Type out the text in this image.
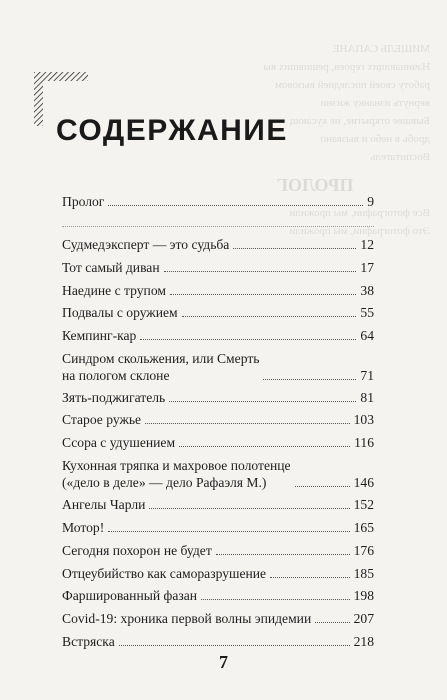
МИШЕЛЬ САПАНЕ
Начинающих героев, решивших вы
работу своей последней вызовом
вернуть изнанку жизни
Бывшее открытие, не кусающ
дробь в небо и вызвано
Воспитатель
ПРОЛОГ
Все фотографии, мы прожили
Это фотографии, мы прожили
СОДЕРЖАНИЕ
Пролог	9
Судмедэксперт — это судьба	12
Тот самый диван	17
Наедине с трупом	38
Подвалы с оружием	55
Кемпинг-кар	64
Синдром скольжения, или Смерть
на пологом склоне	71
Зять-поджигатель	81
Старое ружье	103
Ссора с удушением	116
Кухонная тряпка и махровое полотенце
(«дело в деле» — дело Рафаэля М.)	146
Ангелы Чарли	152
Мотор!	165
Сегодня похорон не будет	176
Отцеубийство как саморазрушение	185
Фаршированный фазан	198
Covid-19: хроника первой волны эпидемии	207
Встряска	218
7
